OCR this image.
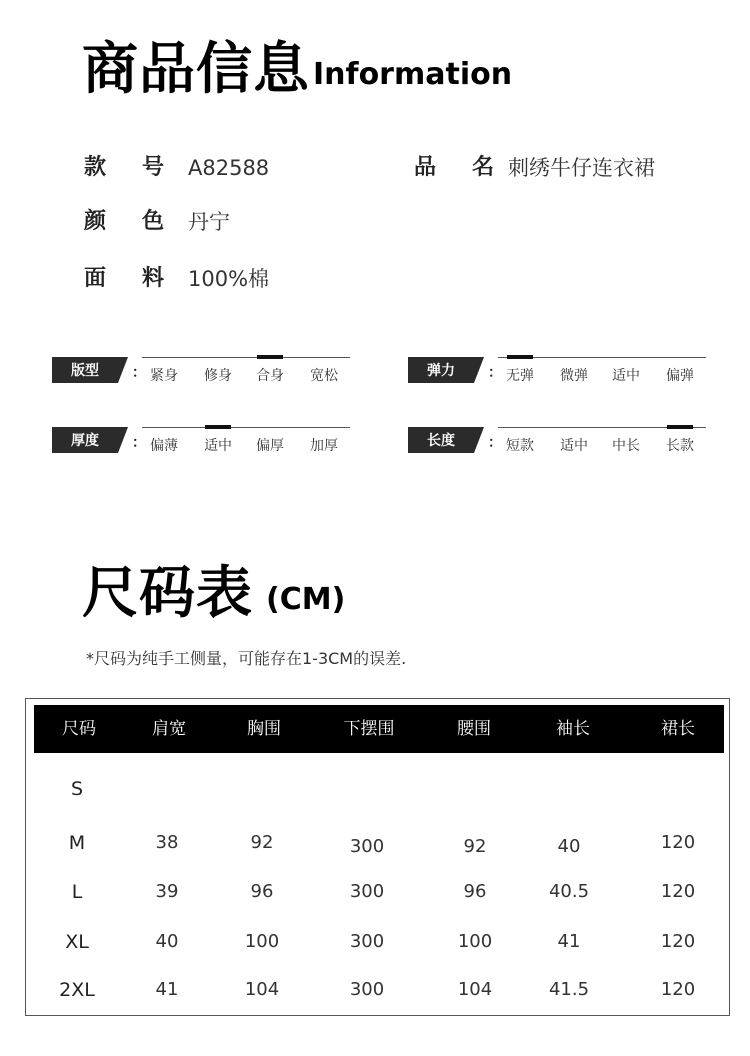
商品信息 Information
款 号 A82588	品 名 刺绣牛仔连衣裙
颜 色 丹宁
面 料 100%棉
版型	： 紧身	修身	合身	宽松	弹力	： 无弹	微弹	适中	偏弹
厚度	： 偏薄	适中	偏厚	加厚	长度	： 短款	适中	中长	长款
尺码表 (CM)
*尺码为纯手工侧量，可能存在1-3CM的误差.
尺码	肩宽	胸围	下摆围	腰围	袖长	裙长
S
M	38	92	300	92	40	120
L	39	96	300	96	40.5	120
XL	40	100	300	100	41	120
2XL	41	104	300	104	41.5	120
